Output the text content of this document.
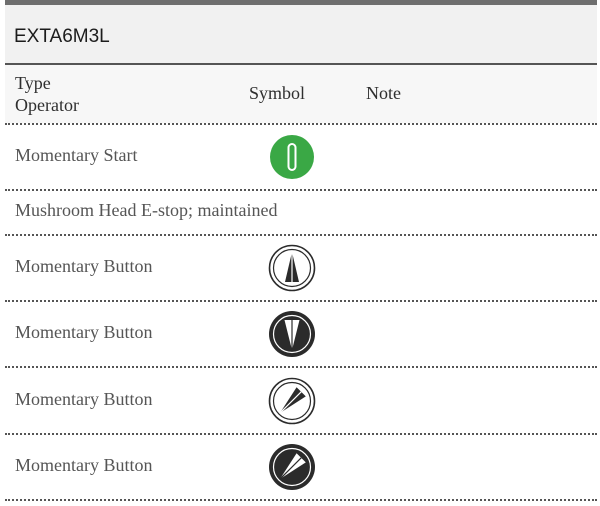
EXTA6M3L
Type
Operator
Symbol	Note
Momentary Start
Mushroom Head E-stop; maintained
Momentary Button
Momentary Button
Momentary Button
Momentary Button
